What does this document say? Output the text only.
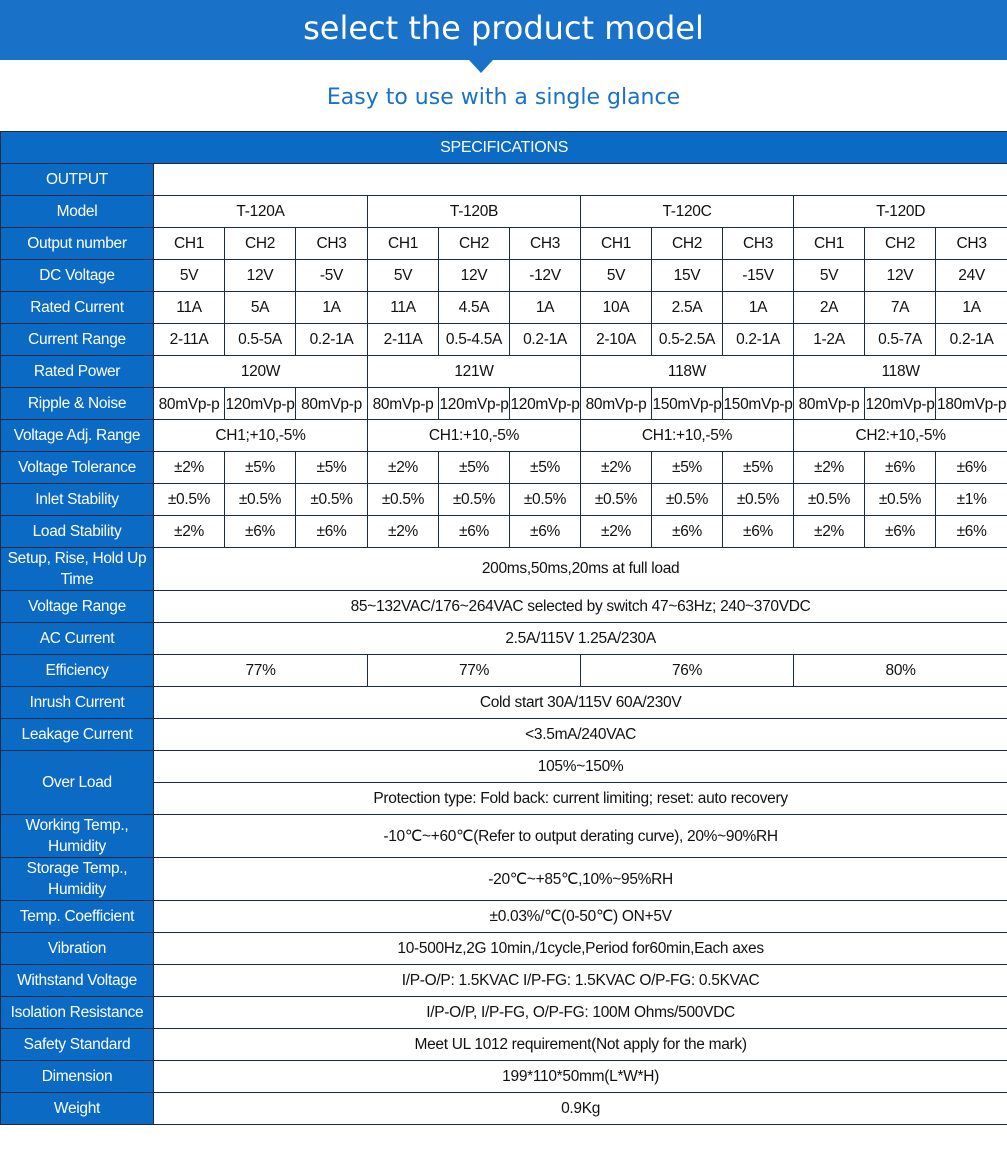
select the product model
Easy to use with a single glance
SPECIFICATIONS												
OUTPUT												
Model	T-120A			T-120B			T-120C			T-120D		
Output number	CH1	CH2	CH3	CH1	CH2	CH3	CH1	CH2	CH3	CH1	CH2	CH3
DC Voltage	5V	12V	-5V	5V	12V	-12V	5V	15V	-15V	5V	12V	24V
Rated Current	11A	5A	1A	11A	4.5A	1A	10A	2.5A	1A	2A	7A	1A
Current Range	2-11A	0.5-5A	0.2-1A	2-11A	0.5-4.5A	0.2-1A	2-10A	0.5-2.5A	0.2-1A	1-2A	0.5-7A	0.2-1A
Rated Power	120W			121W			118W			118W		
Ripple & Noise	80mVp-p	120mVp-p	80mVp-p	80mVp-p	120mVp-p	120mVp-p	80mVp-p	150mVp-p	150mVp-p	80mVp-p	120mVp-p	180mVp-p

Voltage Adj. Range	CH1;+10,-5%			CH1:+10,-5%			CH1:+10,-5%			CH2:+10,-5%		
Voltage Tolerance	±2%	±5%	±5%	±2%	±5%	±5%	±2%	±5%	±5%	±2%	±6%	±6%
Inlet Stability	±0.5%	±0.5%	±0.5%	±0.5%	±0.5%	±0.5%	±0.5%	±0.5%	±0.5%	±0.5%	±0.5%	±1%
Load Stability	±2%	±6%	±6%	±2%	±6%	±6%	±2%	±6%	±6%	±2%	±6%	±6%
Setup, Rise, Hold Up Time	200ms,50ms,20ms at full load											
Voltage Range	85~132VAC/176~264VAC selected by switch 47~63Hz; 240~370VDC											
AC Current	2.5A/115V 1.25A/230A											
Efficiency	77%			77%			76%			80%		
Inrush Current	Cold start 30A/115V 60A/230V											
Leakage Current	<3.5mA/240VAC											
Over Load	105%~150%											
	Protection type: Fold back: current limiting; reset: auto recovery											
Working Temp., Humidity	-10℃~+60℃(Refer to output derating curve), 20%~90%RH											
Storage Temp., Humidity	-20℃~+85℃,10%~95%RH											
Temp. Coefficient	±0.03%/℃(0-50℃) ON+5V											
Vibration	10-500Hz,2G 10min,/1cycle,Period for60min,Each axes											
Withstand Voltage	I/P-O/P: 1.5KVAC I/P-FG: 1.5KVAC O/P-FG: 0.5KVAC											
Isolation Resistance	I/P-O/P, I/P-FG, O/P-FG: 100M Ohms/500VDC											
Safety Standard	Meet UL 1012 requirement(Not apply for the mark)											
Dimension	199*110*50mm(L*W*H)											
Weight	0.9Kg											
